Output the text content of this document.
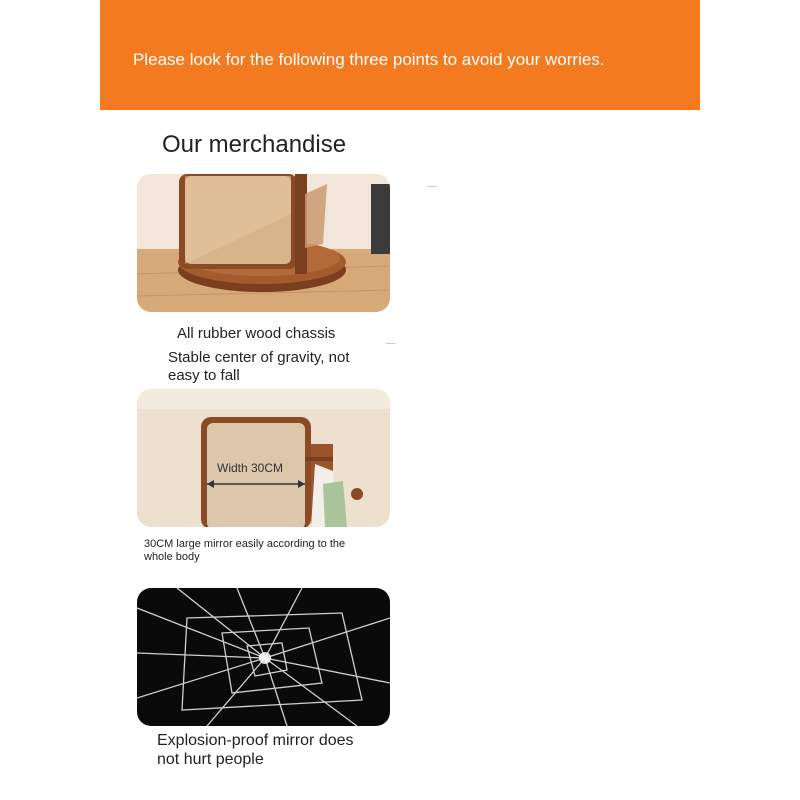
Please look for the following three points to avoid your worries.
Our merchandise
All rubber wood chassis
Stable center of gravity, not easy to fall
Width 30CM
30CM large mirror easily according to the whole body
Explosion-proof mirror does not hurt people
